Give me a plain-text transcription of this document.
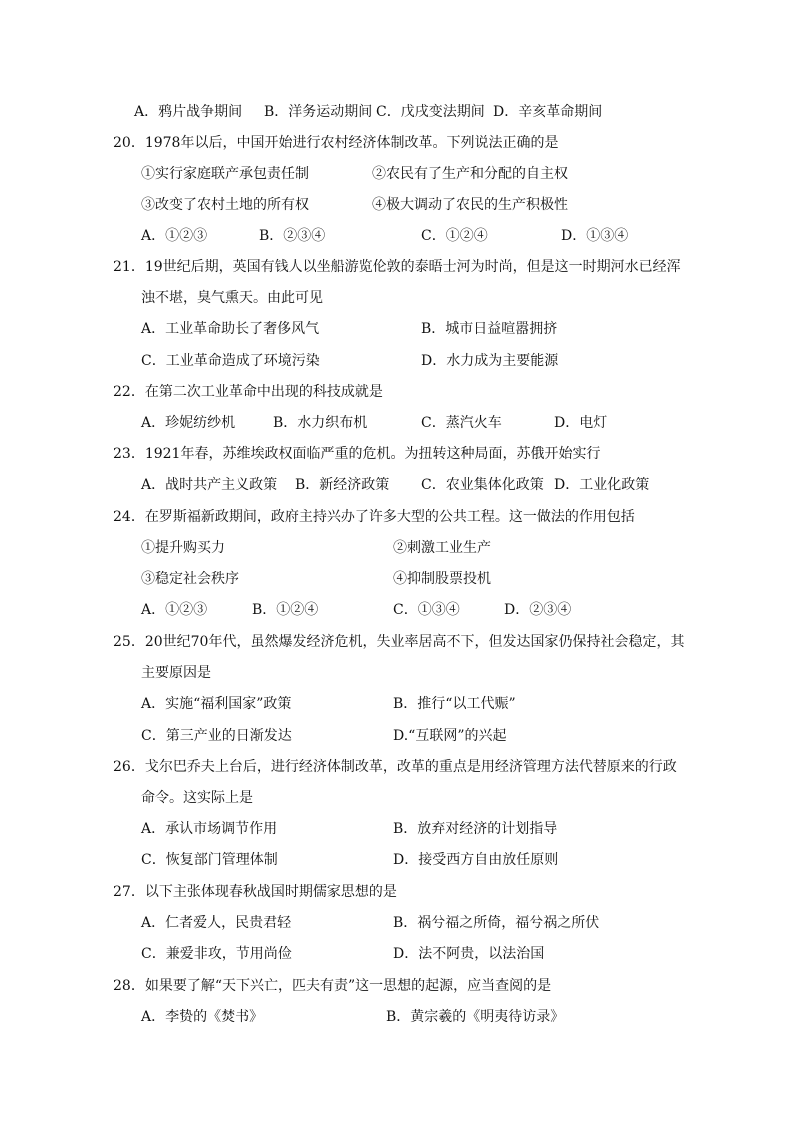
A．鸦片战争期间 B．洋务运动期间 C．戊戌变法期间 D．辛亥革命期间
20．1978年以后，中国开始进行农村经济体制改革。下列说法正确的是
①实行家庭联产承包责任制	②农民有了生产和分配的自主权
③改变了农村土地的所有权	④极大调动了农民的生产积极性
A．①②③	B．②③④	C．①②④	D．①③④
21．19世纪后期，英国有钱人以坐船游览伦敦的泰晤士河为时尚，但是这一时期河水已经浑
浊不堪，臭气熏天。由此可见
A．工业革命助长了奢侈风气	B．城市日益喧嚣拥挤
C．工业革命造成了环境污染	D．水力成为主要能源
22．在第二次工业革命中出现的科技成就是
A．珍妮纺纱机	B．水力织布机	C．蒸汽火车	D．电灯
23．1921年春，苏维埃政权面临严重的危机。为扭转这种局面，苏俄开始实行
A．战时共产主义政策 B．新经济政策 C．农业集体化政策 D．工业化政策
24．在罗斯福新政期间，政府主持兴办了许多大型的公共工程。这一做法的作用包括
①提升购买力	②刺激工业生产
③稳定社会秩序	④抑制股票投机
A．①②③	B．①②④	C．①③④	D．②③④
25．20世纪70年代，虽然爆发经济危机，失业率居高不下，但发达国家仍保持社会稳定，其
主要原因是
A．实施“福利国家”政策	B．推行“以工代赈”
C．第三产业的日渐发达	D.“互联网”的兴起
26．戈尔巴乔夫上台后，进行经济体制改革，改革的重点是用经济管理方法代替原来的行政
命令。这实际上是
A．承认市场调节作用	B．放弃对经济的计划指导
C．恢复部门管理体制	D．接受西方自由放任原则
27．以下主张体现春秋战国时期儒家思想的是
A．仁者爱人，民贵君轻	B．祸兮福之所倚，福兮祸之所伏
C．兼爱非攻，节用尚俭	D．法不阿贵，以法治国
28．如果要了解“天下兴亡，匹夫有责”这一思想的起源，应当查阅的是
A．李贽的《焚书》	B．黄宗羲的《明夷待访录》
